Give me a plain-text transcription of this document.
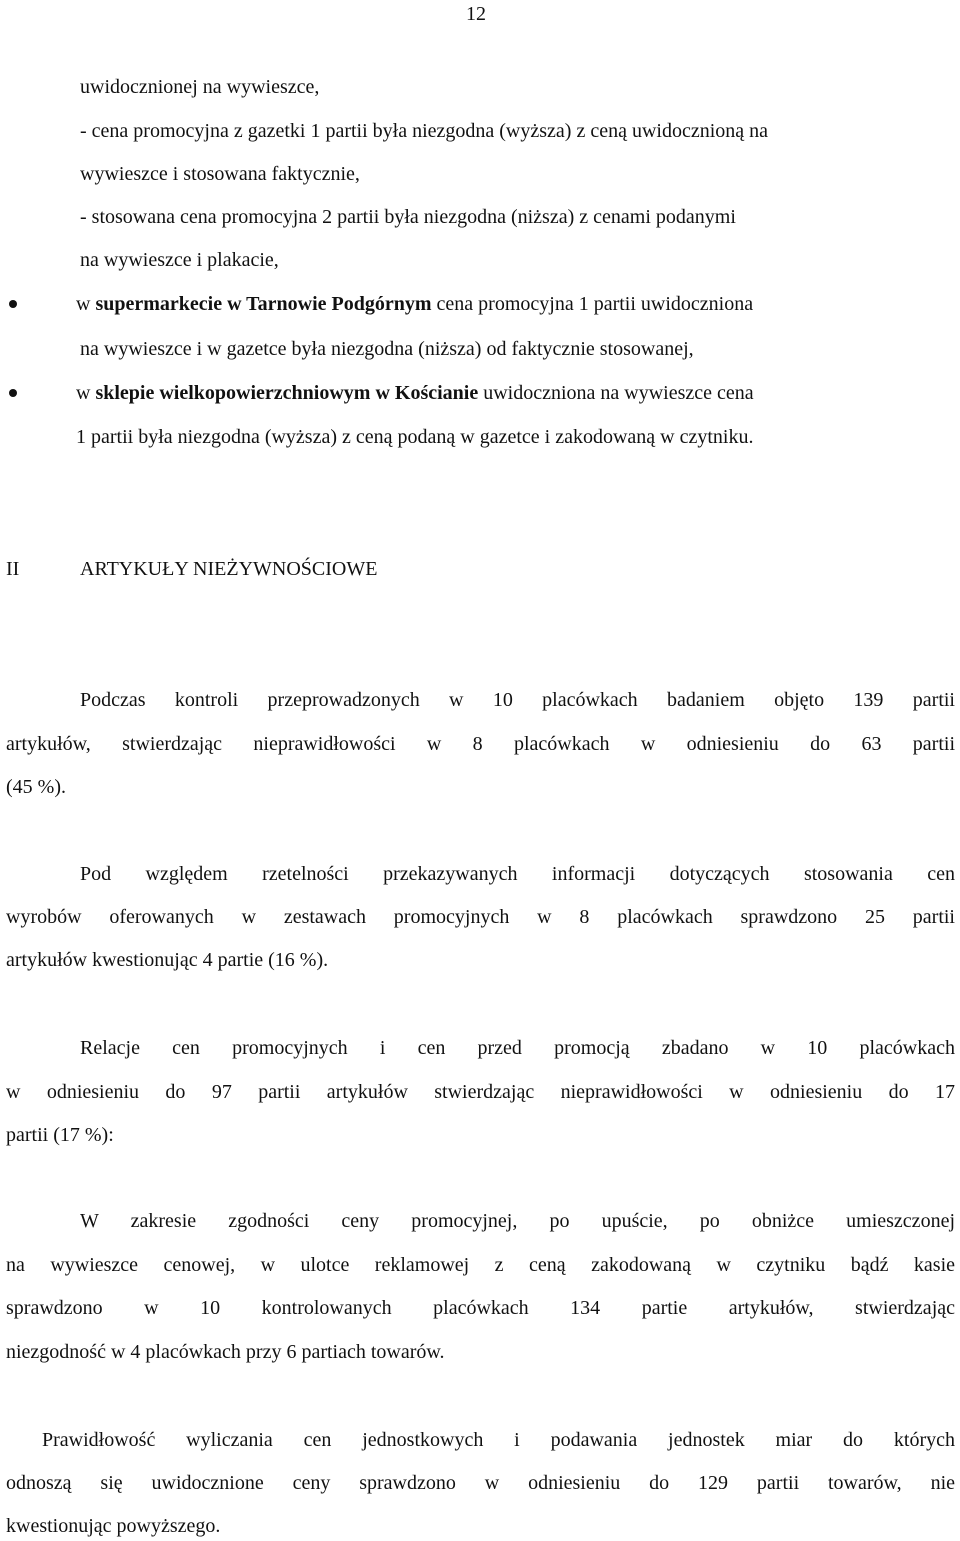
12
uwidocznionej na wywieszce,
- cena promocyjna z gazetki 1 partii była niezgodna (wyższa) z ceną uwidocznioną na
wywieszce i stosowana faktycznie,
- stosowana cena promocyjna 2 partii była niezgodna (niższa) z cenami podanymi
na wywieszce i plakacie,
w supermarkecie w Tarnowie Podgórnym cena promocyjna 1 partii uwidoczniona
na wywieszce i w gazetce była niezgodna (niższa) od faktycznie stosowanej,
w sklepie wielkopowierzchniowym w Kościanie uwidoczniona na wywieszce cena
1 partii była niezgodna (wyższa) z ceną podaną w gazetce i zakodowaną w czytniku.
II	ARTYKUŁY NIEŻYWNOŚCIOWE
Podczas kontroli przeprowadzonych w 10 placówkach badaniem objęto 139 partii
artykułów, stwierdzając nieprawidłowości w 8 placówkach w odniesieniu do 63 partii
(45 %).
Pod względem rzetelności przekazywanych informacji dotyczących stosowania cen
wyrobów oferowanych w zestawach promocyjnych w 8 placówkach sprawdzono 25 partii
artykułów kwestionując 4 partie (16 %).
Relacje cen promocyjnych i cen przed promocją zbadano w 10 placówkach
w odniesieniu do 97 partii artykułów stwierdzając nieprawidłowości w odniesieniu do 17
partii (17 %):
W zakresie zgodności ceny promocyjnej, po upuście, po obniżce umieszczonej
na wywieszce cenowej, w ulotce reklamowej z ceną zakodowaną w czytniku bądź kasie
sprawdzono w 10 kontrolowanych placówkach 134 partie artykułów, stwierdzając
niezgodność w 4 placówkach przy 6 partiach towarów.
Prawidłowość wyliczania cen jednostkowych i podawania jednostek miar do których
odnoszą się uwidocznione ceny sprawdzono w odniesieniu do 129 partii towarów, nie
kwestionując powyższego.
